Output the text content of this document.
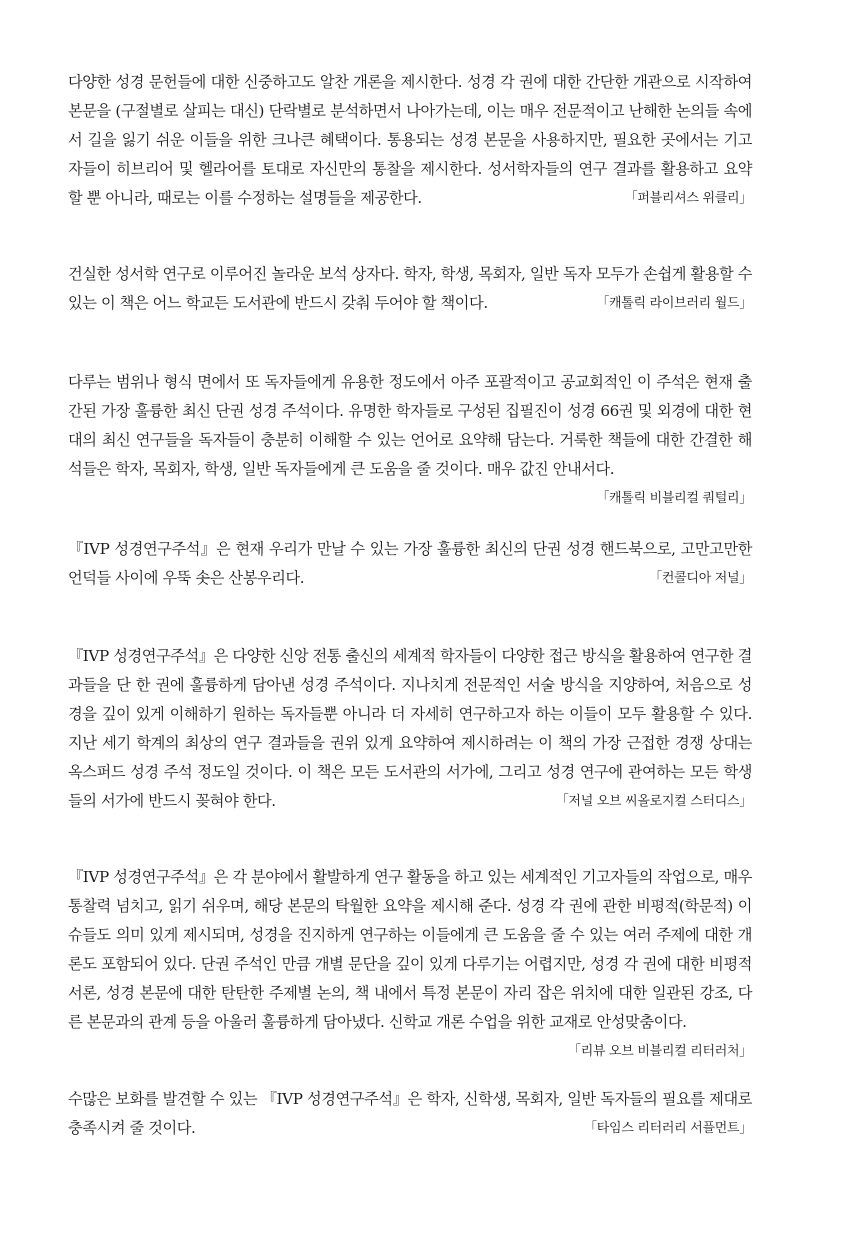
다양한 성경 문헌들에 대한 신중하고도 알찬 개론을 제시한다. 성경 각 권에 대한 간단한 개관으로 시작하여 본문을 (구절별로 살피는 대신) 단락별로 분석하면서 나아가는데, 이는 매우 전문적이고 난해한 논의들 속에서 길을 잃기 쉬운 이들을 위한 크나큰 혜택이다. 통용되는 성경 본문을 사용하지만, 필요한 곳에서는 기고자들이 히브리어 및 헬라어를 토대로 자신만의 통찰을 제시한다. 성서학자들의 연구 결과를 활용하고 요약할 뿐 아니라, 때로는 이를 수정하는 설명들을 제공한다.	「퍼블리셔스 위클리」

건실한 성서학 연구로 이루어진 놀라운 보석 상자다. 학자, 학생, 목회자, 일반 독자 모두가 손쉽게 활용할 수 있는 이 책은 어느 학교든 도서관에 반드시 갖춰 두어야 할 책이다.	「캐톨릭 라이브러리 월드」

다루는 범위나 형식 면에서 또 독자들에게 유용한 정도에서 아주 포괄적이고 공교회적인 이 주석은 현재 출간된 가장 훌륭한 최신 단권 성경 주석이다. 유명한 학자들로 구성된 집필진이 성경 66권 및 외경에 대한 현대의 최신 연구들을 독자들이 충분히 이해할 수 있는 언어로 요약해 담는다. 거룩한 책들에 대한 간결한 해석들은 학자, 목회자, 학생, 일반 독자들에게 큰 도움을 줄 것이다. 매우 값진 안내서다.
「캐톨릭 비블리컬 쿼털리」

『IVP 성경연구주석』은 현재 우리가 만날 수 있는 가장 훌륭한 최신의 단권 성경 핸드북으로, 고만고만한 언덕들 사이에 우뚝 솟은 산봉우리다.	「컨콜디아 저널」

『IVP 성경연구주석』은 다양한 신앙 전통 출신의 세계적 학자들이 다양한 접근 방식을 활용하여 연구한 결과들을 단 한 권에 훌륭하게 담아낸 성경 주석이다. 지나치게 전문적인 서술 방식을 지양하여, 처음으로 성경을 깊이 있게 이해하기 원하는 독자들뿐 아니라 더 자세히 연구하고자 하는 이들이 모두 활용할 수 있다. 지난 세기 학계의 최상의 연구 결과들을 권위 있게 요약하여 제시하려는 이 책의 가장 근접한 경쟁 상대는 옥스퍼드 성경 주석 정도일 것이다. 이 책은 모든 도서관의 서가에, 그리고 성경 연구에 관여하는 모든 학생들의 서가에 반드시 꽂혀야 한다.	「저널 오브 씨올로지컬 스터디스」

『IVP 성경연구주석』은 각 분야에서 활발하게 연구 활동을 하고 있는 세계적인 기고자들의 작업으로, 매우 통찰력 넘치고, 읽기 쉬우며, 해당 본문의 탁월한 요약을 제시해 준다. 성경 각 권에 관한 비평적(학문적) 이슈들도 의미 있게 제시되며, 성경을 진지하게 연구하는 이들에게 큰 도움을 줄 수 있는 여러 주제에 대한 개론도 포함되어 있다. 단권 주석인 만큼 개별 문단을 깊이 있게 다루기는 어렵지만, 성경 각 권에 대한 비평적 서론, 성경 본문에 대한 탄탄한 주제별 논의, 책 내에서 특정 본문이 자리 잡은 위치에 대한 일관된 강조, 다른 본문과의 관계 등을 아울러 훌륭하게 담아냈다. 신학교 개론 수업을 위한 교재로 안성맞춤이다.
「리뷰 오브 비블리컬 리터러처」

수많은 보화를 발견할 수 있는 『IVP 성경연구주석』은 학자, 신학생, 목회자, 일반 독자들의 필요를 제대로 충족시켜 줄 것이다.	「타임스 리터러리 서플먼트」
